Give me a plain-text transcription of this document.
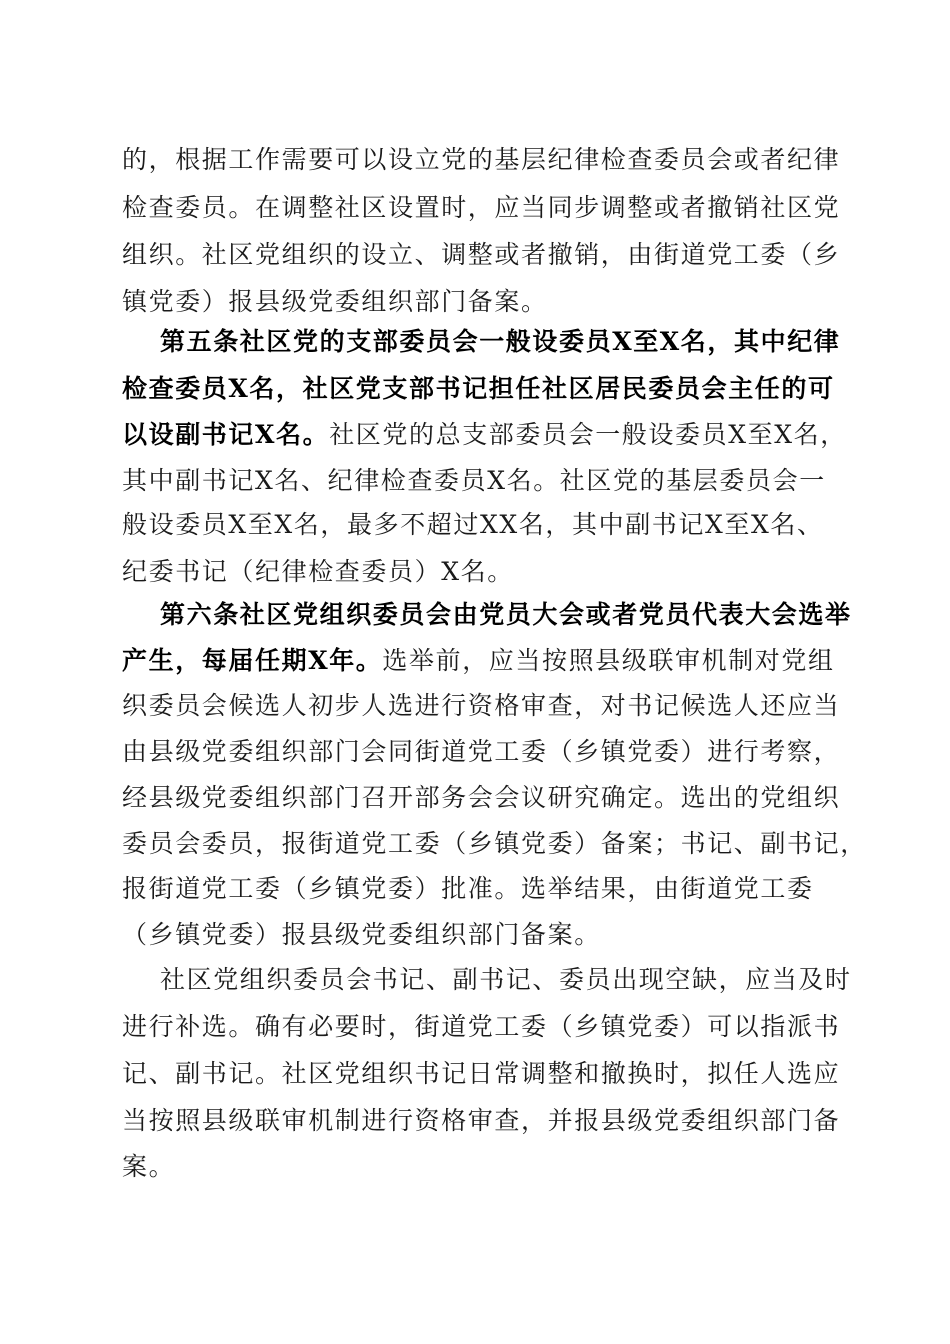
的，根据工作需要可以设立党的基层纪律检查委员会或者纪律
检查委员。在调整社区设置时，应当同步调整或者撤销社区党
组织。社区党组织的设立、调整或者撤销，由街道党工委（乡
镇党委）报县级党委组织部门备案。
第五条社区党的支部委员会一般设委员X至X名，其中纪律
检查委员X名，社区党支部书记担任社区居民委员会主任的可
以设副书记X名。社区党的总支部委员会一般设委员X至X名，
其中副书记X名、纪律检查委员X名。社区党的基层委员会一
般设委员X至X名，最多不超过XX名，其中副书记X至X名、
纪委书记（纪律检查委员）X名。
第六条社区党组织委员会由党员大会或者党员代表大会选举
产生，每届任期X年。选举前，应当按照县级联审机制对党组
织委员会候选人初步人选进行资格审查，对书记候选人还应当
由县级党委组织部门会同街道党工委（乡镇党委）进行考察，
经县级党委组织部门召开部务会会议研究确定。选出的党组织
委员会委员，报街道党工委（乡镇党委）备案；书记、副书记，
报街道党工委（乡镇党委）批准。选举结果，由街道党工委
（乡镇党委）报县级党委组织部门备案。
社区党组织委员会书记、副书记、委员出现空缺，应当及时
进行补选。确有必要时，街道党工委（乡镇党委）可以指派书
记、副书记。社区党组织书记日常调整和撤换时，拟任人选应
当按照县级联审机制进行资格审查，并报县级党委组织部门备
案。
